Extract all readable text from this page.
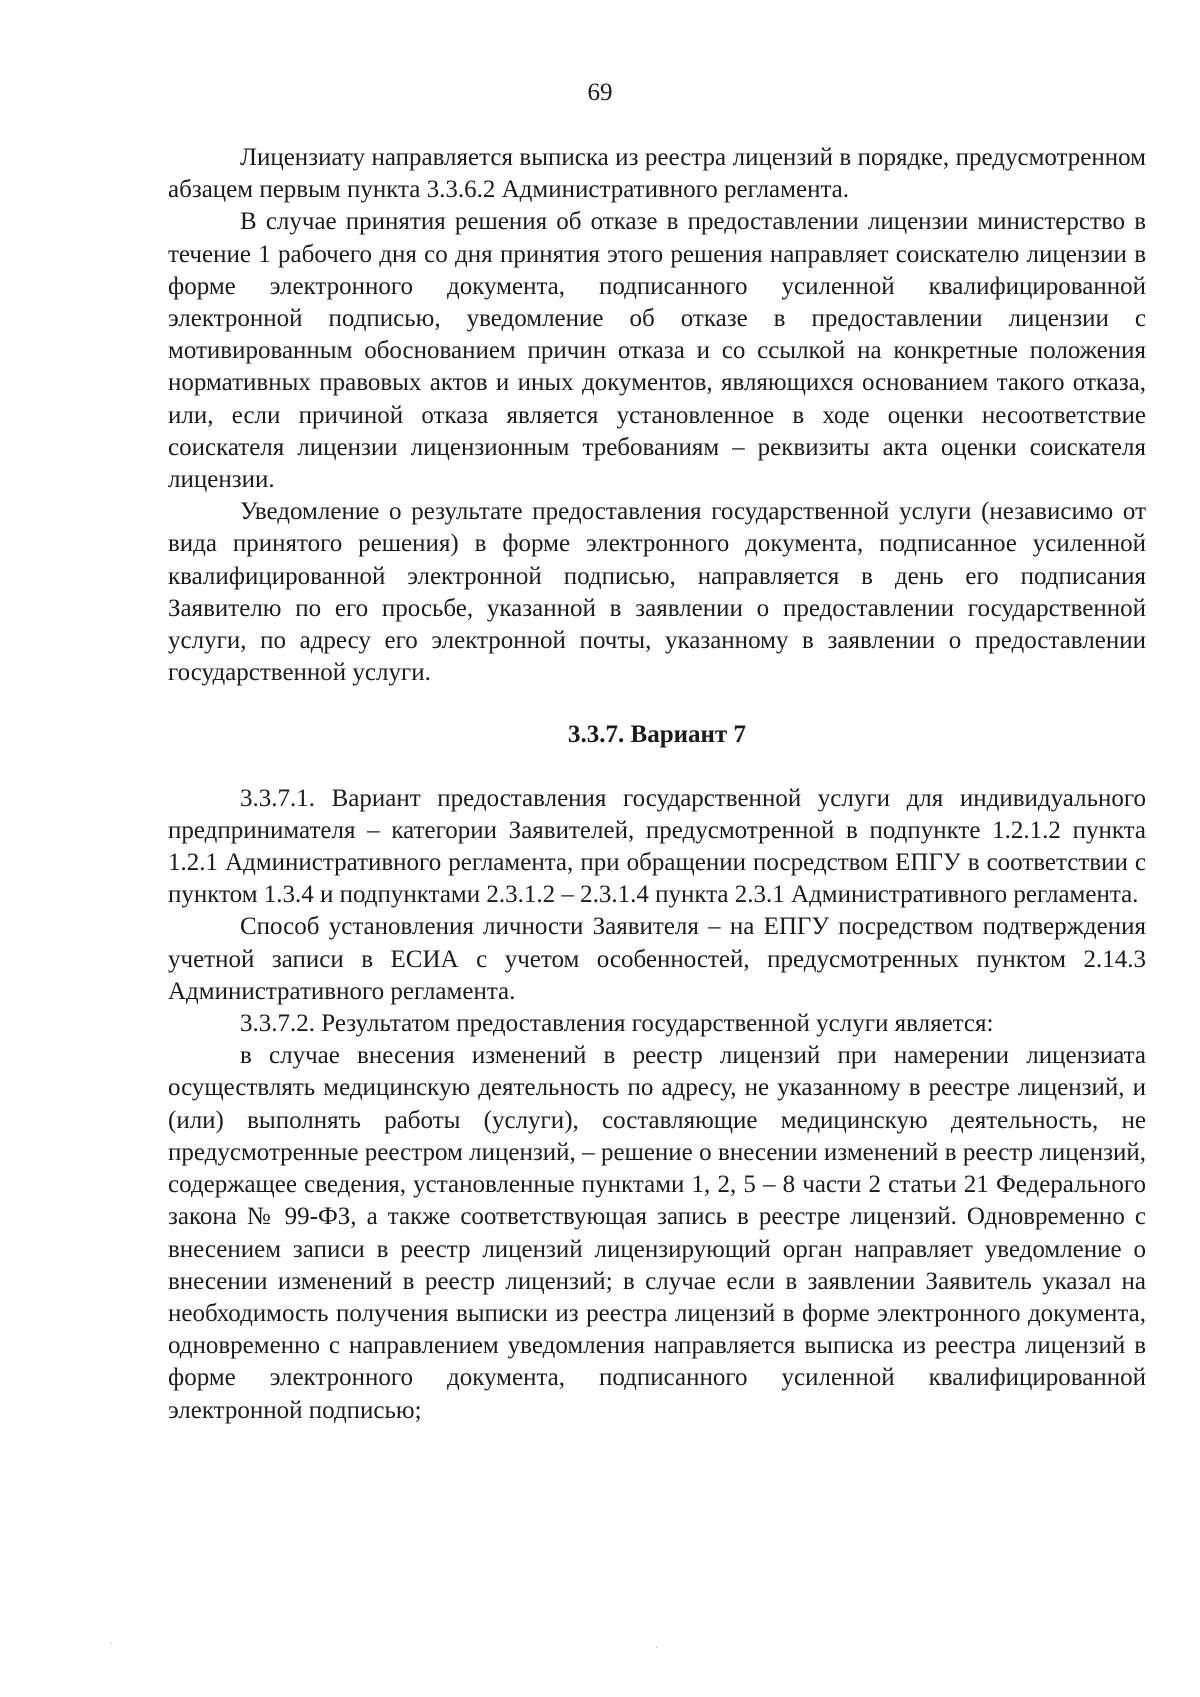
69

Лицензиату направляется выписка из реестра лицензий в порядке, предусмотренном абзацем первым пункта 3.3.6.2 Административного регламента.

В случае принятия решения об отказе в предоставлении лицензии министерство в течение 1 рабочего дня со дня принятия этого решения направляет соискателю лицензии в форме электронного документа, подписанного усиленной квалифицированной электронной подписью, уведомление об отказе в предоставлении лицензии с мотивированным обоснованием причин отказа и со ссылкой на конкретные положения нормативных правовых актов и иных документов, являющихся основанием такого отказа, или, если причиной отказа является установленное в ходе оценки несоответствие соискателя лицензии лицензионным требованиям – реквизиты акта оценки соискателя лицензии.

Уведомление о результате предоставления государственной услуги (независимо от вида принятого решения) в форме электронного документа, подписанное усиленной квалифицированной электронной подписью, направляется в день его подписания Заявителю по его просьбе, указанной в заявлении о предоставлении государственной услуги, по адресу его электронной почты, указанному в заявлении о предоставлении государственной услуги.

3.3.7. Вариант 7

3.3.7.1. Вариант предоставления государственной услуги для индивидуального предпринимателя – категории Заявителей, предусмотренной в подпункте 1.2.1.2 пункта 1.2.1 Административного регламента, при обращении посредством ЕПГУ в соответствии с пунктом 1.3.4 и подпунктами 2.3.1.2 – 2.3.1.4 пункта 2.3.1 Административного регламента.

Способ установления личности Заявителя – на ЕПГУ посредством подтверждения учетной записи в ЕСИА с учетом особенностей, предусмотренных пунктом 2.14.3 Административного регламента.

3.3.7.2. Результатом предоставления государственной услуги является:

в случае внесения изменений в реестр лицензий при намерении лицензиата осуществлять медицинскую деятельность по адресу, не указанному в реестре лицензий, и (или) выполнять работы (услуги), составляющие медицинскую деятельность, не предусмотренные реестром лицензий, – решение о внесении изменений в реестр лицензий, содержащее сведения, установленные пунктами 1, 2, 5 – 8 части 2 статьи 21 Федерального закона № 99-ФЗ, а также соответствующая запись в реестре лицензий. Одновременно с внесением записи в реестр лицензий лицензирующий орган направляет уведомление о внесении изменений в реестр лицензий; в случае если в заявлении Заявитель указал на необходимость получения выписки из реестра лицензий в форме электронного документа, одновременно с направлением уведомления направляется выписка из реестра лицензий в форме электронного документа, подписанного усиленной квалифицированной электронной подписью;

·	·
